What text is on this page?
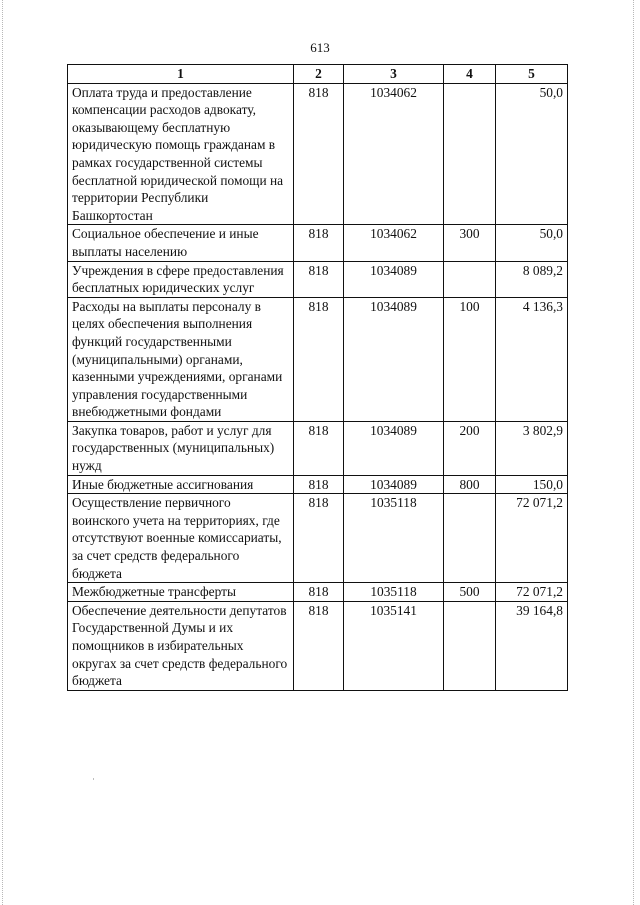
613
1	2	3	4	5
Оплата труда и предоставление компенсации расходов адвокату, оказывающему бесплатную юридическую помощь гражданам в рамках государственной системы бесплатной юридической помощи на территории Республики Башкортостан	818	1034062		50,0
Социальное обеспечение и иные выплаты населению	818	1034062	300	50,0
Учреждения в сфере предоставления бесплатных юридических услуг	818	1034089		8 089,2
Расходы на выплаты персоналу в целях обеспечения выполнения функций государственными (муниципальными) органами, казенными учреждениями, органами управления государственными внебюджетными фондами	818	1034089	100	4 136,3
Закупка товаров, работ и услуг для государственных (муниципальных) нужд	818	1034089	200	3 802,9
Иные бюджетные ассигнования	818	1034089	800	150,0
Осуществление первичного воинского учета на территориях, где отсутствуют военные комиссариаты, за счет средств федерального бюджета	818	1035118		72 071,2
Межбюджетные трансферты	818	1035118	500	72 071,2
Обеспечение деятельности депутатов Государственной Думы и их помощников в избирательных округах за счет средств федерального бюджета	818	1035141		39 164,8
